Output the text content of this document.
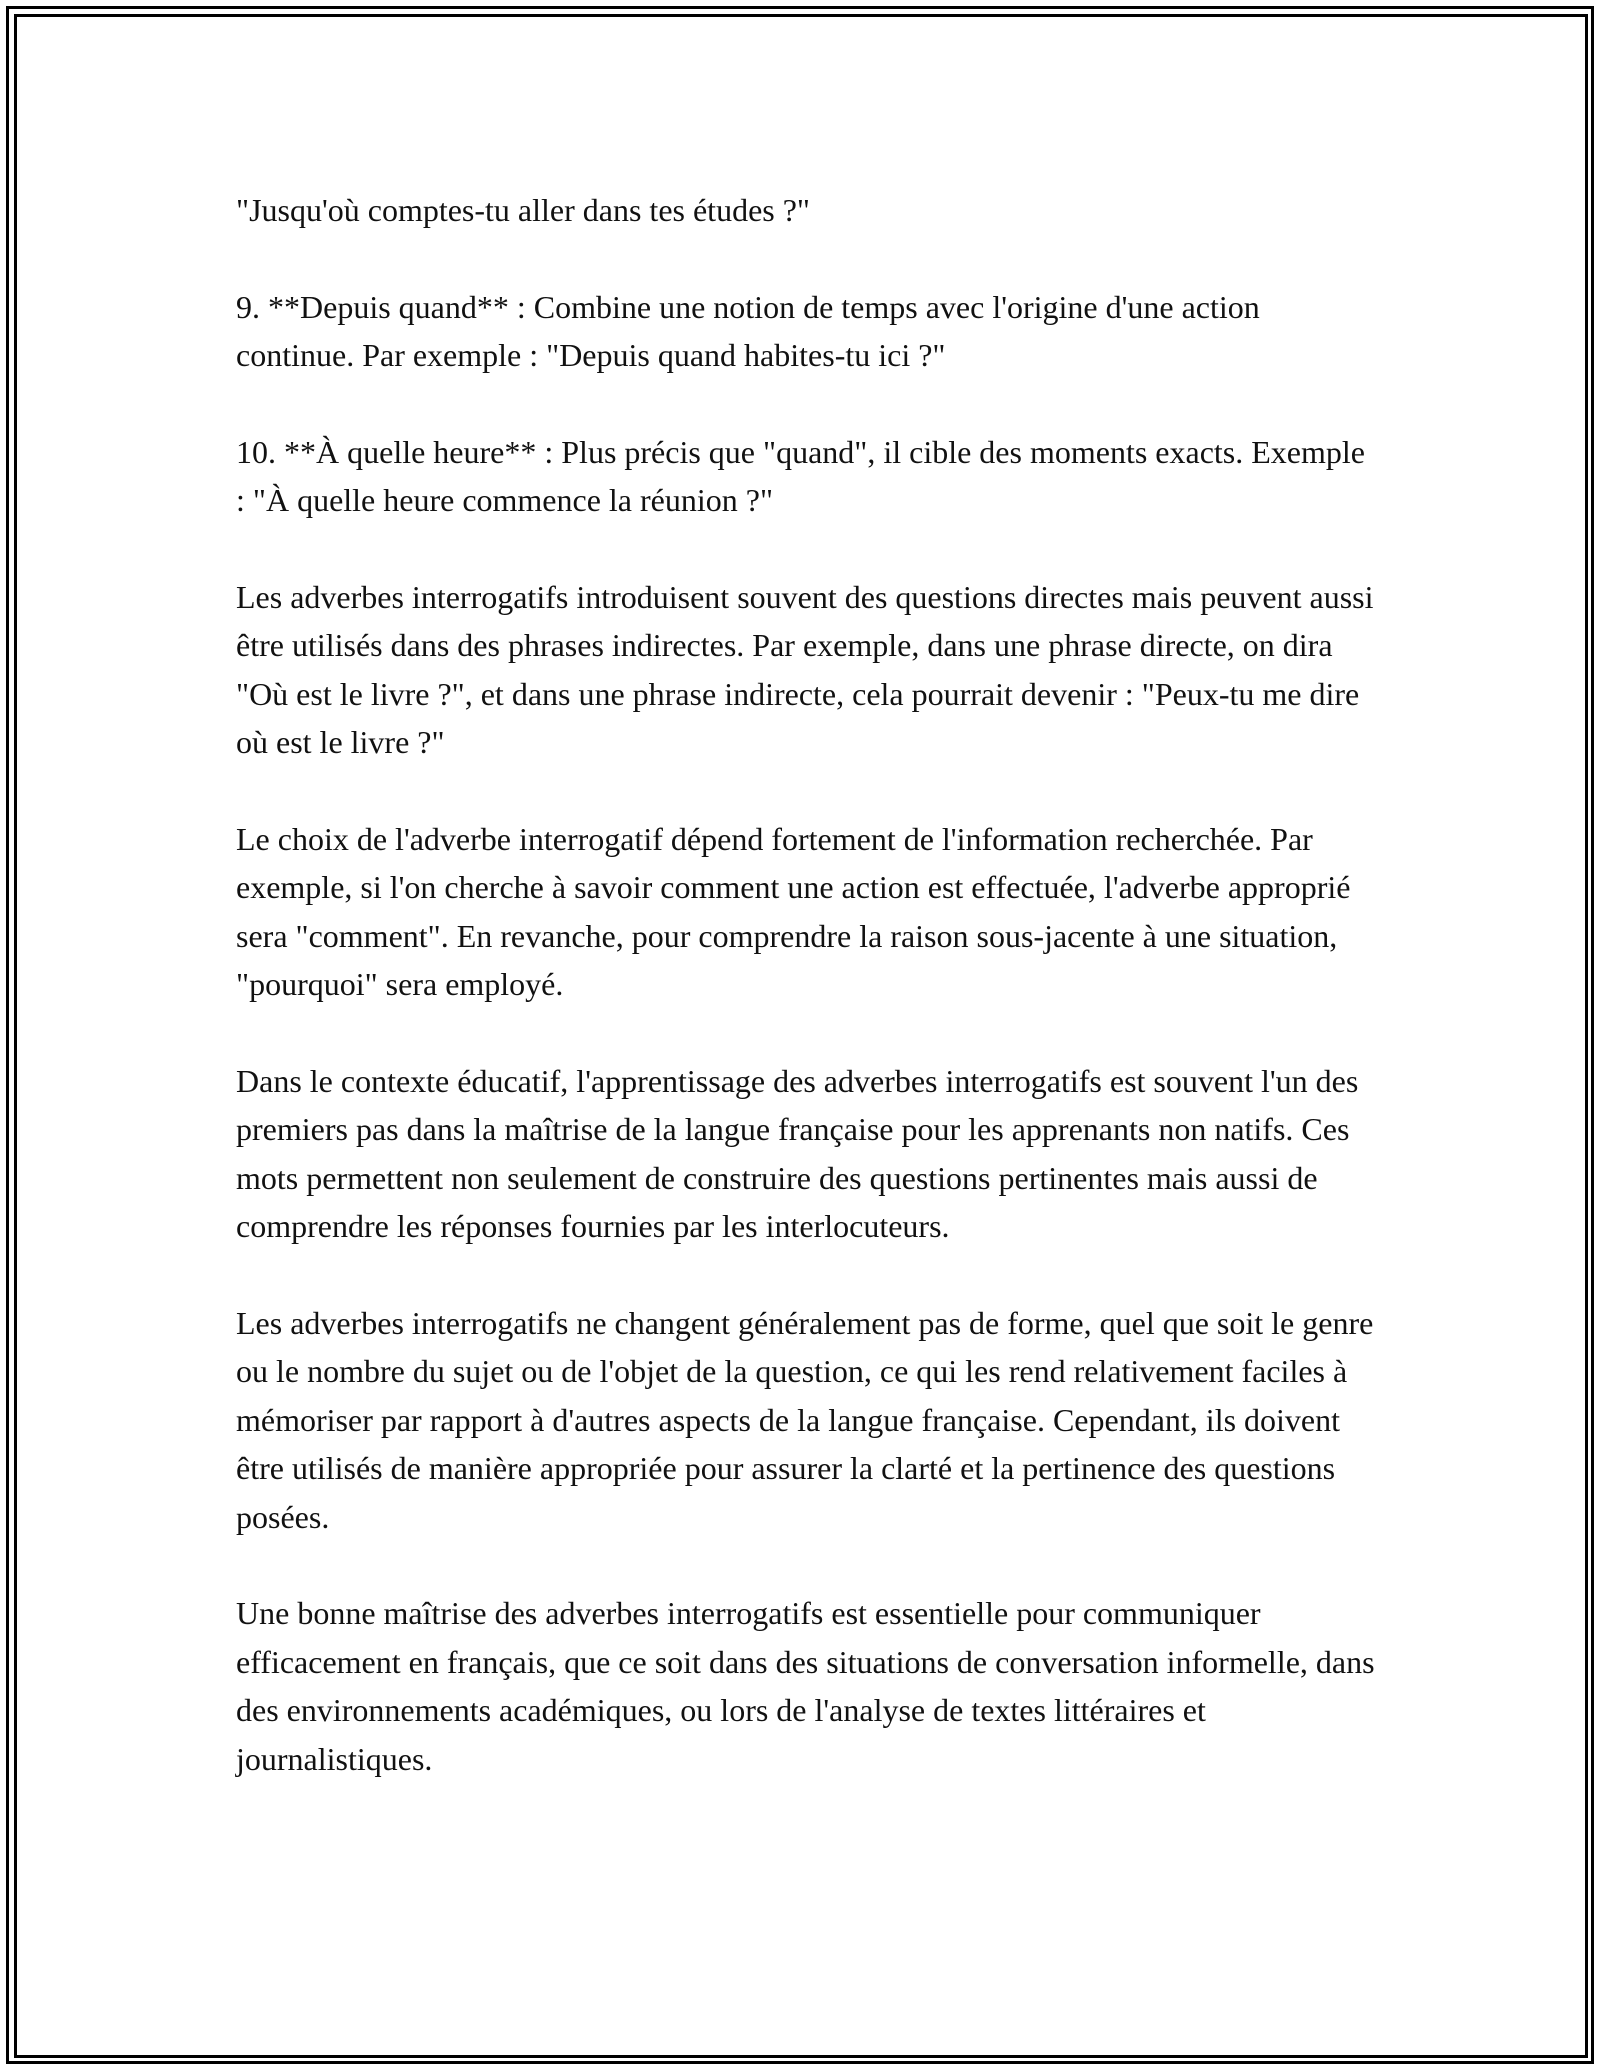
"Jusqu'où comptes-tu aller dans tes études ?"

9. **Depuis quand** : Combine une notion de temps avec l'origine d'une action continue. Par exemple : "Depuis quand habites-tu ici ?"

10. **À quelle heure** : Plus précis que "quand", il cible des moments exacts. Exemple : "À quelle heure commence la réunion ?"

Les adverbes interrogatifs introduisent souvent des questions directes mais peuvent aussi être utilisés dans des phrases indirectes. Par exemple, dans une phrase directe, on dira "Où est le livre ?", et dans une phrase indirecte, cela pourrait devenir : "Peux-tu me dire où est le livre ?"

Le choix de l'adverbe interrogatif dépend fortement de l'information recherchée. Par exemple, si l'on cherche à savoir comment une action est effectuée, l'adverbe approprié sera "comment". En revanche, pour comprendre la raison sous-jacente à une situation, "pourquoi" sera employé.

Dans le contexte éducatif, l'apprentissage des adverbes interrogatifs est souvent l'un des premiers pas dans la maîtrise de la langue française pour les apprenants non natifs. Ces mots permettent non seulement de construire des questions pertinentes mais aussi de comprendre les réponses fournies par les interlocuteurs.

Les adverbes interrogatifs ne changent généralement pas de forme, quel que soit le genre ou le nombre du sujet ou de l'objet de la question, ce qui les rend relativement faciles à mémoriser par rapport à d'autres aspects de la langue française. Cependant, ils doivent être utilisés de manière appropriée pour assurer la clarté et la pertinence des questions posées.

Une bonne maîtrise des adverbes interrogatifs est essentielle pour communiquer efficacement en français, que ce soit dans des situations de conversation informelle, dans des environnements académiques, ou lors de l'analyse de textes littéraires et journalistiques.
